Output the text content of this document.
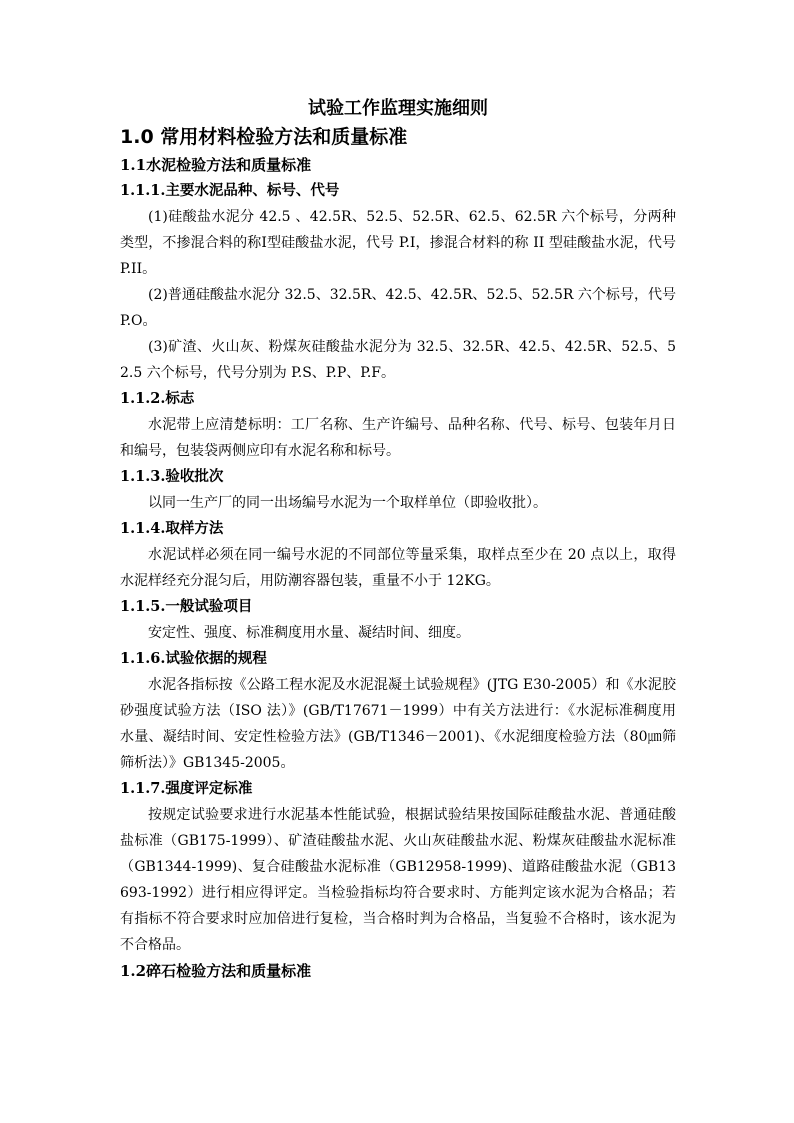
试验工作监理实施细则

1.0 常用材料检验方法和质量标准

1.1水泥检验方法和质量标准

1.1.1.主要水泥品种、标号、代号

(1)硅酸盐水泥分 42.5 、42.5R、52.5、52.5R、62.5、62.5R 六个标号，分两种类型，不掺混合料的称Ⅰ型硅酸盐水泥，代号 P.I，掺混合材料的称 II 型硅酸盐水泥，代号 P.II。

(2)普通硅酸盐水泥分 32.5、32.5R、42.5、42.5R、52.5、52.5R 六个标号，代号 P.O。

(3)矿渣、火山灰、粉煤灰硅酸盐水泥分为 32.5、32.5R、42.5、42.5R、52.5、52.5 六个标号，代号分别为 P.S、P.P、P.F。

1.1.2.标志

水泥带上应清楚标明：工厂名称、生产许编号、品种名称、代号、标号、包装年月日和编号，包装袋两侧应印有水泥名称和标号。

1.1.3.验收批次

以同一生产厂的同一出场编号水泥为一个取样单位（即验收批）。

1.1.4.取样方法

水泥试样必须在同一编号水泥的不同部位等量采集，取样点至少在 20 点以上，取得水泥样经充分混匀后，用防潮容器包装，重量不小于 12KG。

1.1.5.一般试验项目

安定性、强度、标准稠度用水量、凝结时间、细度。

1.1.6.试验依据的规程

水泥各指标按《公路工程水泥及水泥混凝土试验规程》(JTG E30-2005）和《水泥胶砂强度试验方法（ISO 法）》(GB/T17671－1999）中有关方法进行：《水泥标准稠度用水量、凝结时间、安定性检验方法》(GB/T1346－2001)、《水泥细度检验方法（80㎛筛筛析法）》GB1345-2005。

1.1.7.强度评定标准

按规定试验要求进行水泥基本性能试验，根据试验结果按国际硅酸盐水泥、普通硅酸盐标准（GB175-1999）、矿渣硅酸盐水泥、火山灰硅酸盐水泥、粉煤灰硅酸盐水泥标准（GB1344-1999)、复合硅酸盐水泥标准（GB12958-1999)、道路硅酸盐水泥（GB13693-1992）进行相应得评定。当检验指标均符合要求时、方能判定该水泥为合格品；若有指标不符合要求时应加倍进行复检，当合格时判为合格品，当复验不合格时，该水泥为不合格品。

1.2碎石检验方法和质量标准
